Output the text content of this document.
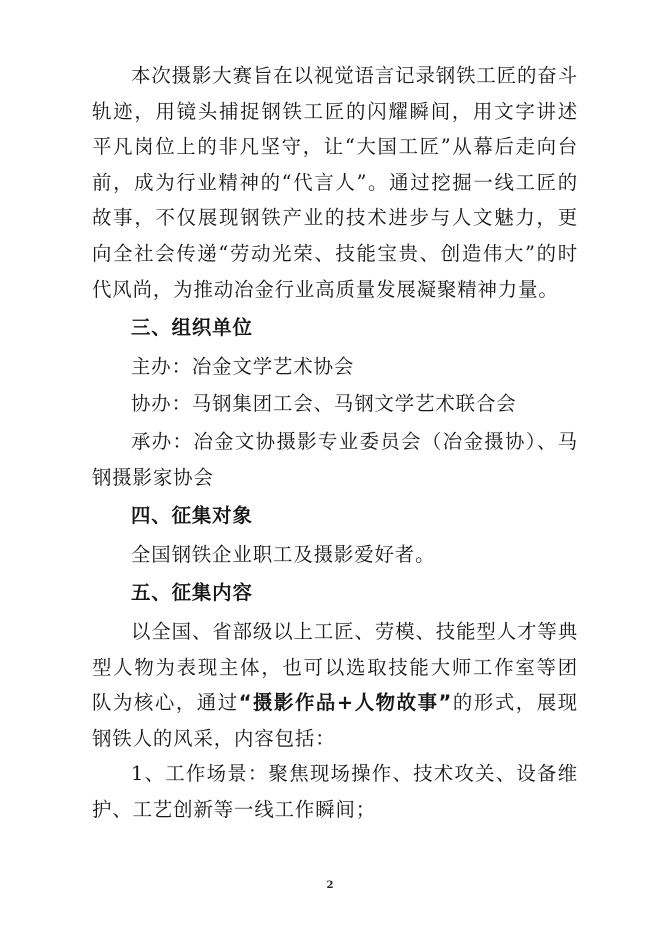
本次摄影大赛旨在以视觉语言记录钢铁工匠的奋斗轨迹，用镜头捕捉钢铁工匠的闪耀瞬间，用文字讲述平凡岗位上的非凡坚守，让“大国工匠”从幕后走向台前，成为行业精神的“代言人”。通过挖掘一线工匠的故事，不仅展现钢铁产业的技术进步与人文魅力，更向全社会传递“劳动光荣、技能宝贵、创造伟大”的时代风尚，为推动冶金行业高质量发展凝聚精神力量。

三、组织单位

主办：冶金文学艺术协会

协办：马钢集团工会、马钢文学艺术联合会

承办：冶金文协摄影专业委员会（冶金摄协）、马钢摄影家协会

四、征集对象

全国钢铁企业职工及摄影爱好者。

五、征集内容

以全国、省部级以上工匠、劳模、技能型人才等典型人物为表现主体，也可以选取技能大师工作室等团队为核心，通过“摄影作品+人物故事”的形式，展现钢铁人的风采，内容包括：

1、工作场景：聚焦现场操作、技术攻关、设备维护、工艺创新等一线工作瞬间；

2
